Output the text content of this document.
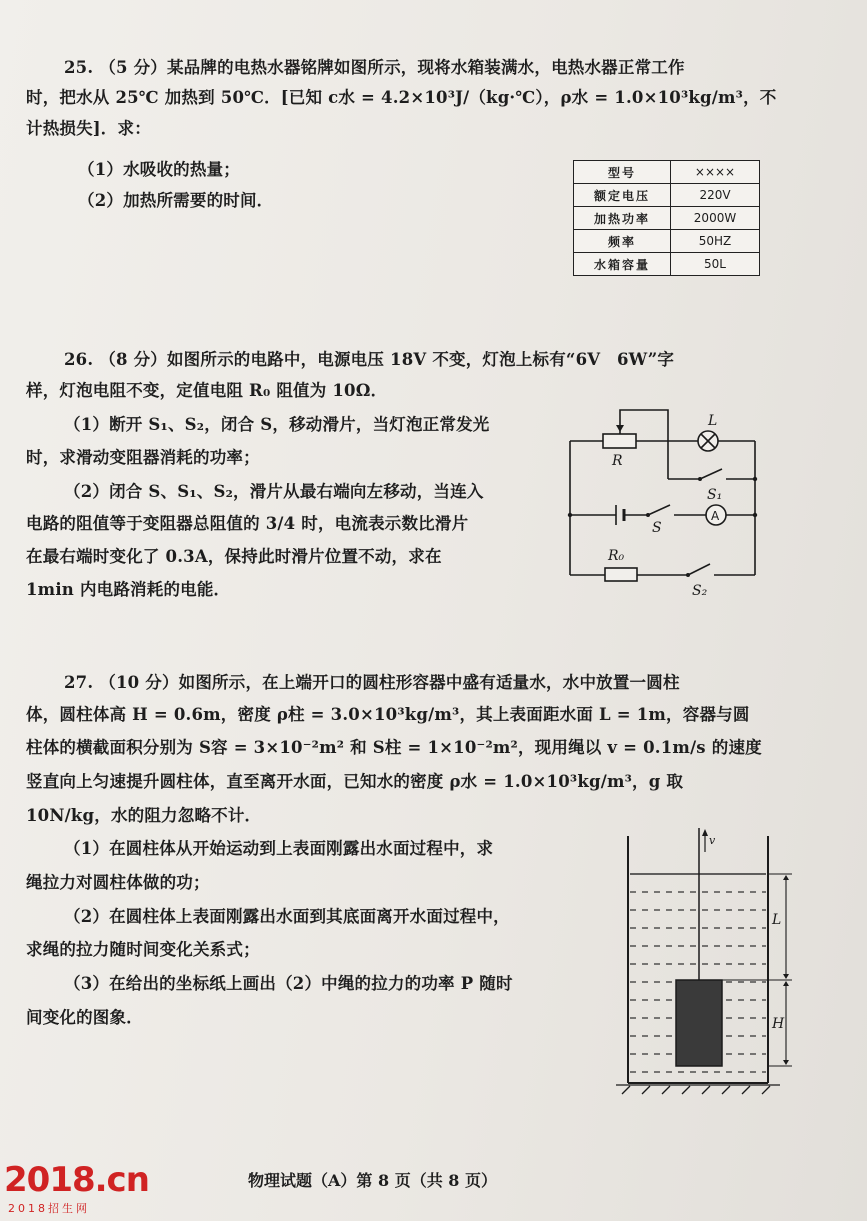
25. （5 分）某品牌的电热水器铭牌如图所示，现将水箱装满水，电热水器正常工作
时，把水从 25℃ 加热到 50℃．[已知 c水 = 4.2×10³J/（kg·℃），ρ水 = 1.0×10³kg/m³，不
计热损失]．求：
（1）水吸收的热量；
（2）加热所需要的时间．
型号	××××
额定电压	220V
加热功率	2000W
频率	50HZ
水箱容量	50L
26. （8 分）如图所示的电路中，电源电压 18V 不变，灯泡上标有“6V　6W”字
样，灯泡电阻不变，定值电阻 R₀ 阻值为 10Ω．
（1）断开 S₁、S₂，闭合 S，移动滑片，当灯泡正常发光
时，求滑动变阻器消耗的功率；
（2）闭合 S、S₁、S₂，滑片从最右端向左移动，当连入
电路的阻值等于变阻器总阻值的 3/4 时，电流表示数比滑片
在最右端时变化了 0.3A，保持此时滑片位置不动，求在
1min 内电路消耗的电能．
R
L
S₁
S
R₀
S₂
A
27. （10 分）如图所示，在上端开口的圆柱形容器中盛有适量水，水中放置一圆柱
体，圆柱体高 H = 0.6m，密度 ρ柱 = 3.0×10³kg/m³，其上表面距水面 L = 1m，容器与圆
柱体的横截面积分别为 S容 = 3×10⁻²m² 和 S柱 = 1×10⁻²m²，现用绳以 v = 0.1m/s 的速度
竖直向上匀速提升圆柱体，直至离开水面，已知水的密度 ρ水 = 1.0×10³kg/m³，g 取
10N/kg，水的阻力忽略不计．
（1）在圆柱体从开始运动到上表面刚露出水面过程中，求
绳拉力对圆柱体做的功；
（2）在圆柱体上表面刚露出水面到其底面离开水面过程中，
求绳的拉力随时间变化关系式；
（3）在给出的坐标纸上画出（2）中绳的拉力的功率 P 随时
间变化的图象．
v
L
H
物理试题（A）第 8 页（共 8 页）
2018.cn
2018招生网
